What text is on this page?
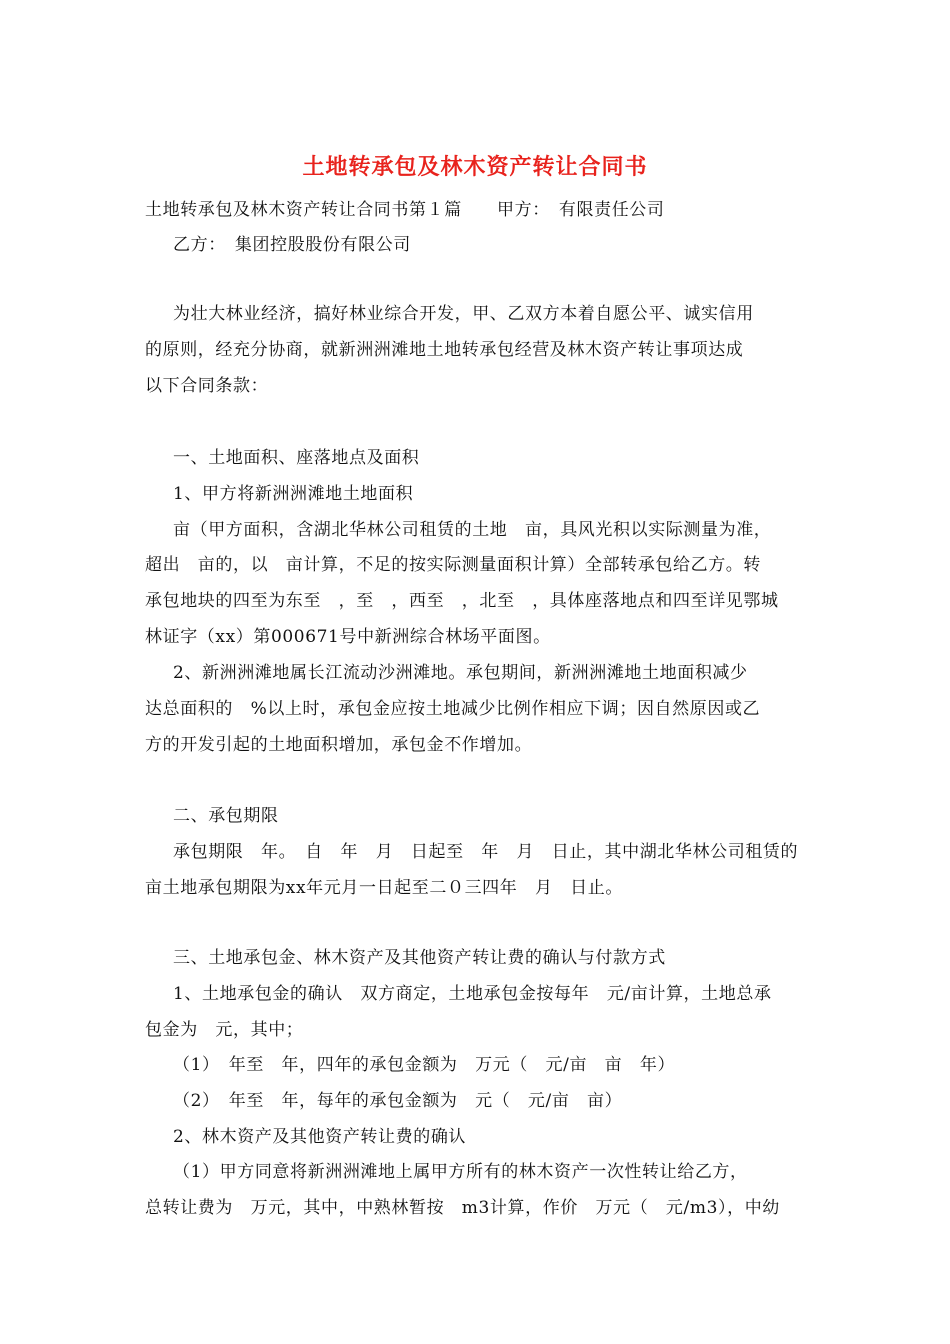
土地转承包及林木资产转让合同书
土地转承包及林木资产转让合同书第１篇　　甲方：　有限责任公司
乙方：　集团控股股份有限公司
为壮大林业经济，搞好林业综合开发，甲、乙双方本着自愿公平、诚实信用
的原则，经充分协商，就新洲洲滩地土地转承包经营及林木资产转让事项达成
以下合同条款：
一、土地面积、座落地点及面积
1、甲方将新洲洲滩地土地面积
亩（甲方面积，含湖北华林公司租赁的土地　亩，具风光积以实际测量为准，
超出　亩的，以　亩计算，不足的按实际测量面积计算）全部转承包给乙方。转
承包地块的四至为东至　，至　，西至　，北至　，具体座落地点和四至详见鄂城
林证字（xx）第000671号中新洲综合林场平面图。
2、新洲洲滩地属长江流动沙洲滩地。承包期间，新洲洲滩地土地面积减少
达总面积的　%以上时，承包金应按土地减少比例作相应下调；因自然原因或乙
方的开发引起的土地面积增加，承包金不作增加。
二、承包期限
承包期限　年。　自　年　月　日起至　年　月　日止，其中湖北华林公司租赁的
亩土地承包期限为xx年元月一日起至二０三四年　月　日止。
三、土地承包金、林木资产及其他资产转让费的确认与付款方式
1、土地承包金的确认　双方商定，土地承包金按每年　元/亩计算，土地总承
包金为　元，其中；
（1）　年至　年，四年的承包金额为　万元（　元/亩　亩　年）
（2）　年至　年，每年的承包金额为　元（　元/亩　亩）
2、林木资产及其他资产转让费的确认
（1）甲方同意将新洲洲滩地上属甲方所有的林木资产一次性转让给乙方，
总转让费为　万元，其中，中熟林暂按　m3计算，作价　万元（　元/m3），中幼
